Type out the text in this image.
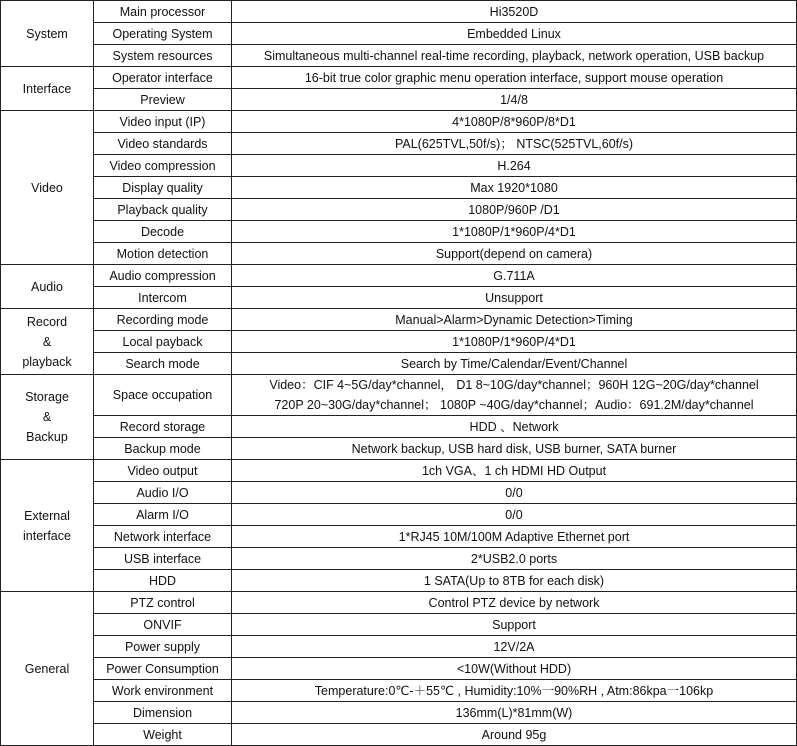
System	Main processor	Hi3520D
	Operating System	Embedded Linux
	System resources	Simultaneous multi-channel real-time recording, playback, network operation, USB backup
Interface	Operator interface	16-bit true color graphic menu operation interface, support mouse operation
	Preview	1/4/8
Video	Video input (IP)	4*1080P/8*960P/8*D1
	Video standards	PAL(625TVL,50f/s)； NTSC(525TVL,60f/s)
	Video compression	H.264
	Display quality	Max 1920*1080
	Playback quality	1080P/960P /D1
	Decode	1*1080P/1*960P/4*D1
	Motion detection	Support(depend on camera)
Audio	Audio compression	G.711A
	Intercom	Unsupport

Record
&
playback	Recording mode	Manual>Alarm>Dynamic Detection>Timing
	Local payback	1*1080P/1*960P/4*D1
	Search mode	Search by Time/Calendar/Event/Channel

Storage
&
Backup	Space occupation	Video：CIF 4~5G/day*channel， D1 8~10G/day*channel；960H 12G~20G/day*channel
720P 20~30G/day*channel； 1080P ~40G/day*channel；Audio：691.2M/day*channel

	Record storage	HDD 、Network
	Backup mode	Network backup, USB hard disk, USB burner, SATA burner

External
interface	Video output	1ch VGA、1 ch HDMI HD Output
	Audio I/O	0/0
	Alarm I/O	0/0
	Network interface	1*RJ45 10M/100M Adaptive Ethernet port
	USB interface	2*USB2.0 ports
	HDD	1 SATA(Up to 8TB for each disk)
General	PTZ control	Control PTZ device by network
	ONVIF	Support
	Power supply	12V/2A
	Power Consumption	<10W(Without HDD)
	Work environment	Temperature:0℃-＋55℃ , Humidity:10%一90%RH , Atm:86kpa一106kp
	Dimension	136mm(L)*81mm(W)
	Weight	Around 95g
